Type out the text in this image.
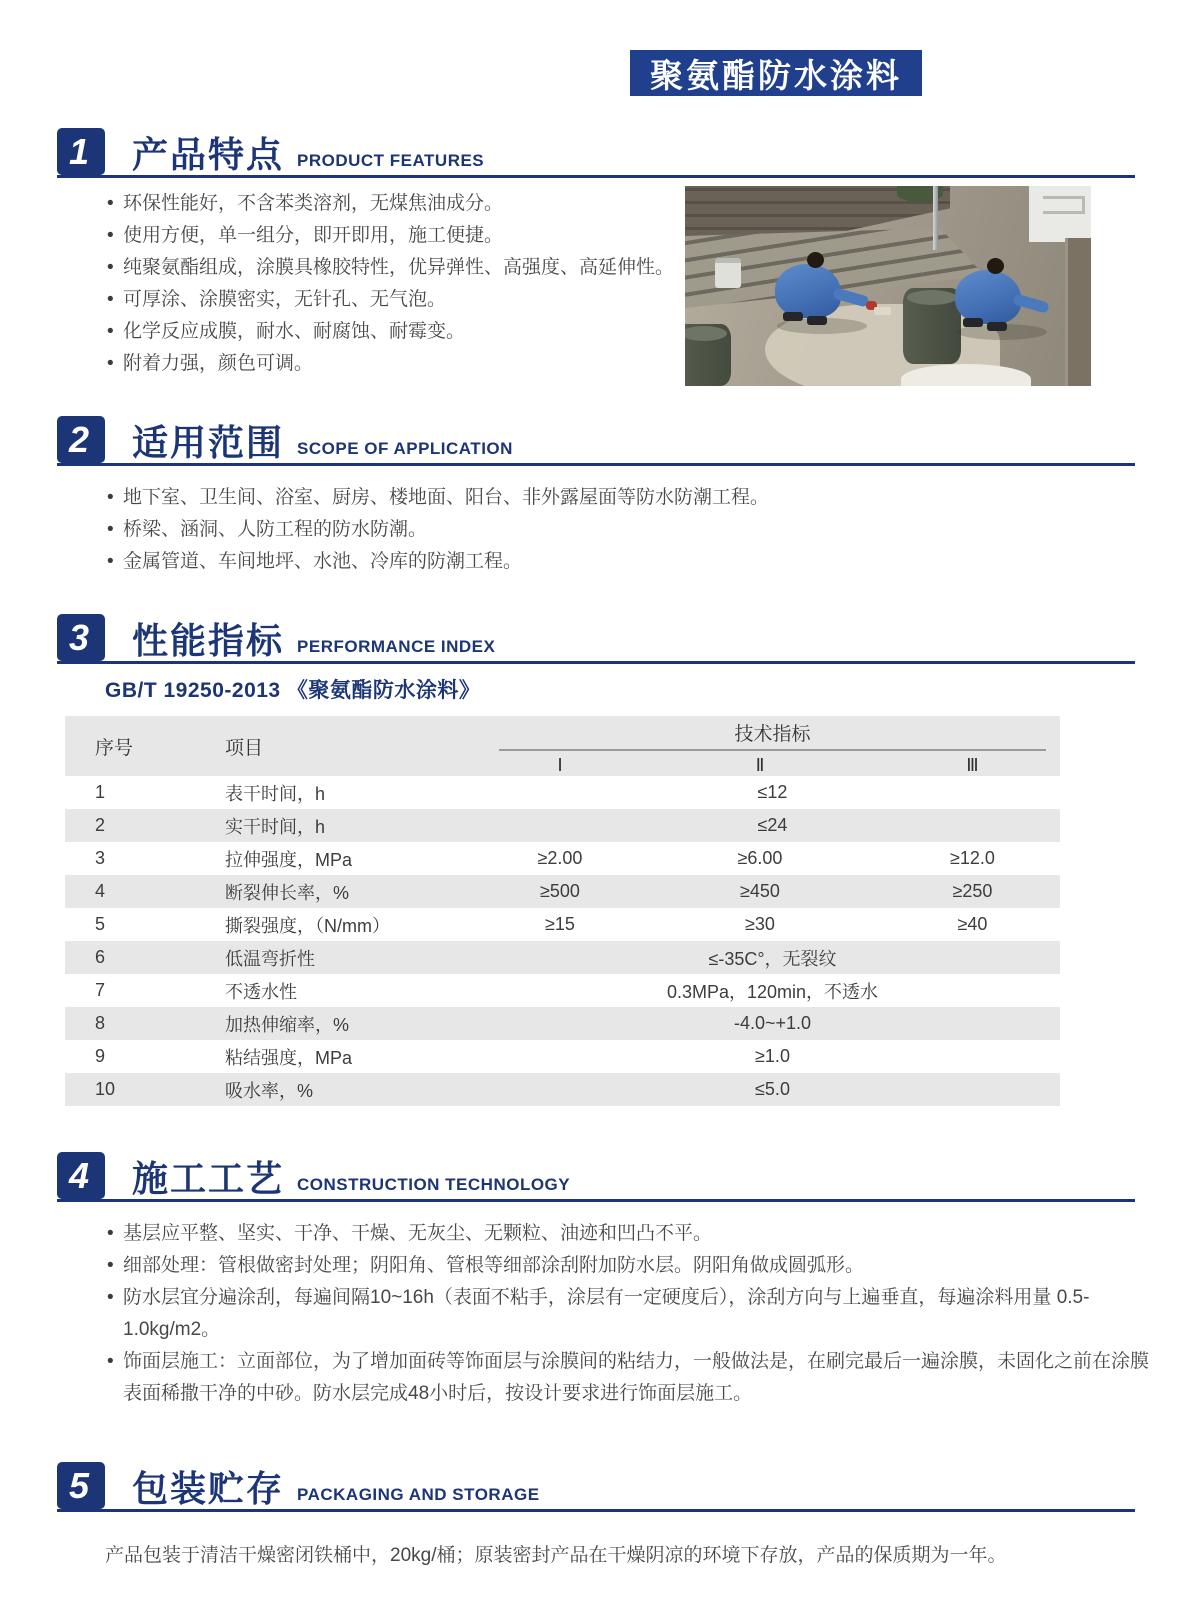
聚氨酯防水涂料
1	产品特点 PRODUCT FEATURES
• 环保性能好，不含苯类溶剂，无煤焦油成分。
• 使用方便，单一组分，即开即用，施工便捷。
• 纯聚氨酯组成，涂膜具橡胶特性，优异弹性、高强度、高延伸性。
• 可厚涂、涂膜密实，无针孔、无气泡。
• 化学反应成膜，耐水、耐腐蚀、耐霉变。
• 附着力强，颜色可调。
2	适用范围 SCOPE OF APPLICATION
• 地下室、卫生间、浴室、厨房、楼地面、阳台、非外露屋面等防水防潮工程。
• 桥梁、涵洞、人防工程的防水防潮。
• 金属管道、车间地坪、水池、冷库的防潮工程。
3	性能指标 PERFORMANCE INDEX
GB/T 19250-2013 《聚氨酯防水涂料》
序号	项目
技术指标
Ⅰ	Ⅱ	Ⅲ
1	表干时间，h	≤12
2	实干时间，h	≤24
3	拉伸强度，MPa	≥2.00	≥6.00	≥12.0
4	断裂伸长率，%	≥500	≥450	≥250
5	撕裂强度，（N/mm）	≥15	≥30	≥40
6	低温弯折性	≤-35C°，无裂纹
7	不透水性	0.3MPa，120min，不透水
8	加热伸缩率，%	-4.0~+1.0
9	粘结强度，MPa	≥1.0
10	吸水率，%	≤5.0
4	施工工艺 CONSTRUCTION TECHNOLOGY
• 基层应平整、坚实、干净、干燥、无灰尘、无颗粒、油迹和凹凸不平。
• 细部处理：管根做密封处理；阴阳角、管根等细部涂刮附加防水层。阴阳角做成圆弧形。
• 防水层宜分遍涂刮，每遍间隔10~16h（表面不粘手，涂层有一定硬度后），涂刮方向与上遍垂直，每遍涂料用量 0.5-1.0kg/m2。
• 饰面层施工：立面部位，为了增加面砖等饰面层与涂膜间的粘结力，一般做法是，在刷完最后一遍涂膜，未固化之前在涂膜表面稀撒干净的中砂。防水层完成48小时后，按设计要求进行饰面层施工。
5	包装贮存 PACKAGING AND STORAGE
产品包装于清洁干燥密闭铁桶中，20kg/桶；原装密封产品在干燥阴凉的环境下存放，产品的保质期为一年。
